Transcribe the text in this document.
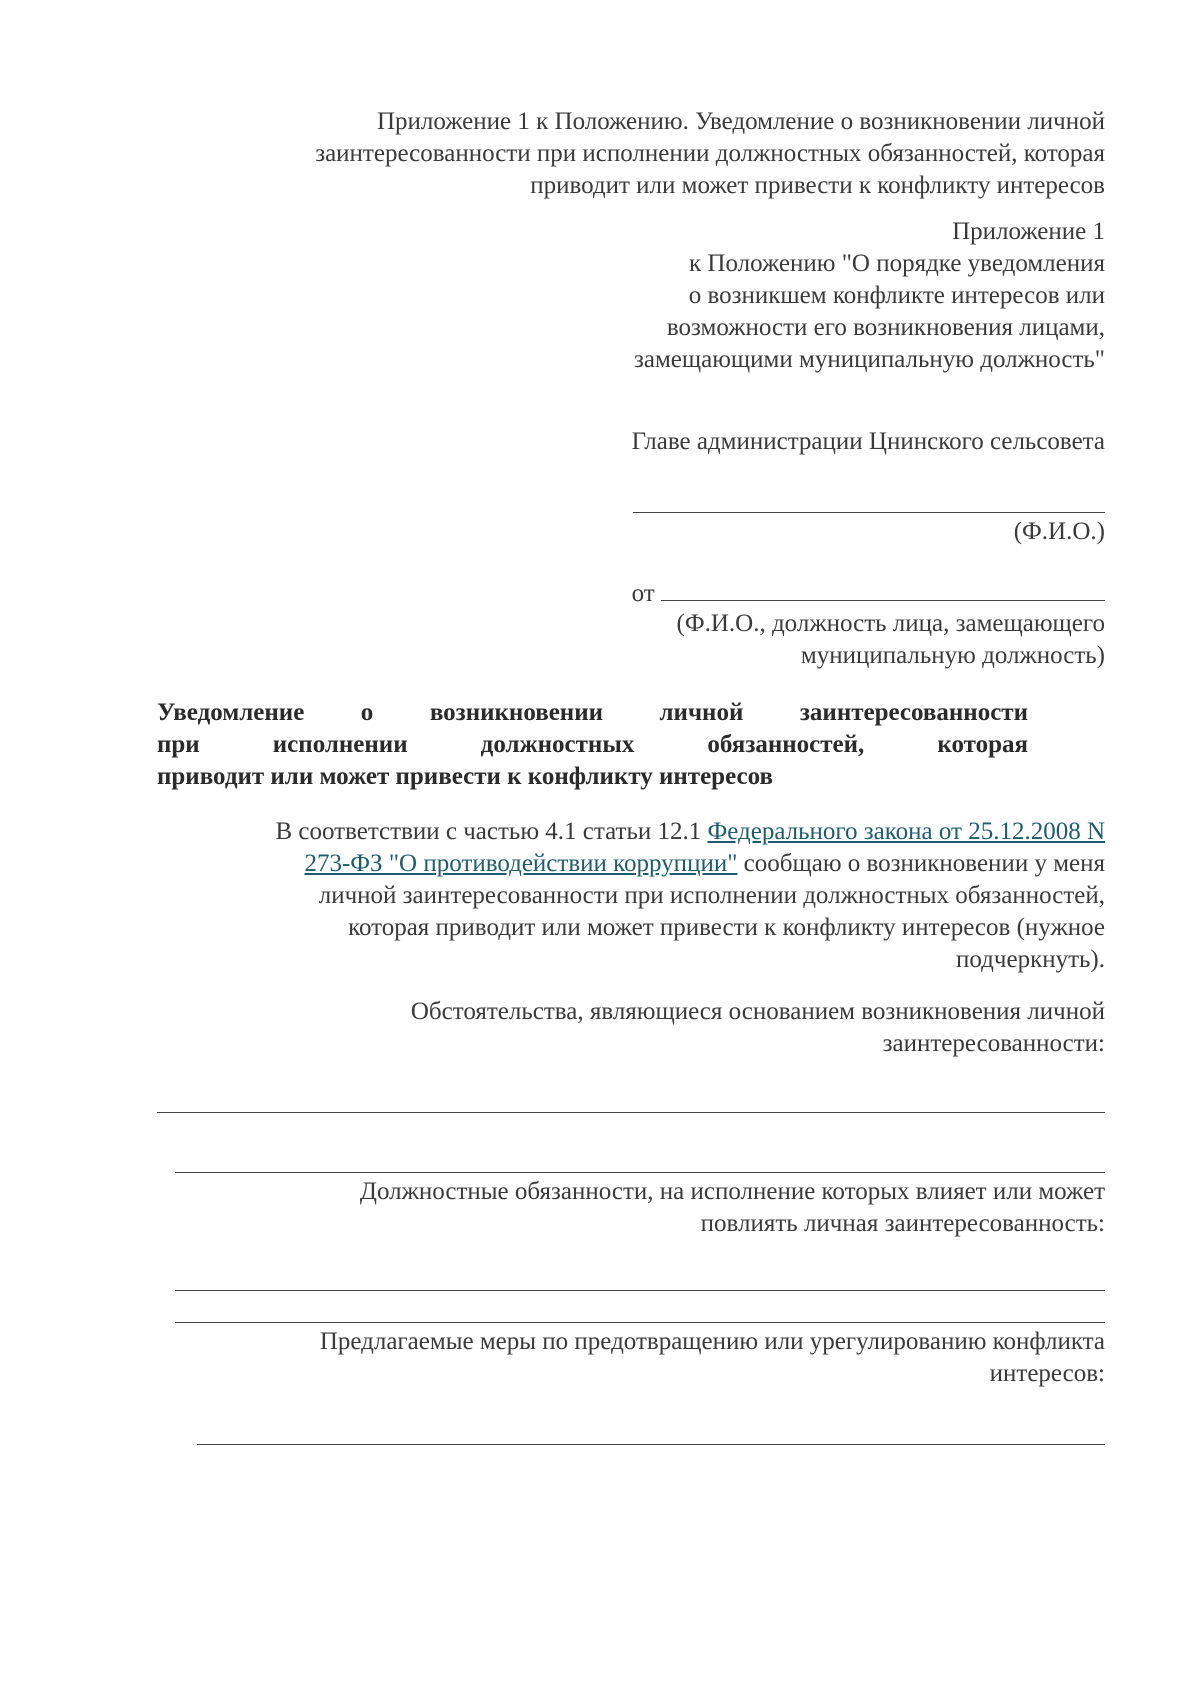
Приложение 1 к Положению. Уведомление о возникновении личной
заинтересованности при исполнении должностных обязанностей, которая
приводит или может привести к конфликту интересов

Приложение 1
к Положению "О порядке уведомления
о возникшем конфликте интересов или
возможности его возникновения лицами,
замещающими муниципальную должность"

Главе администрации Цнинского сельсовета

(Ф.И.О.)

от

(Ф.И.О., должность лица, замещающего
муниципальную должность)

Уведомление о возникновении личной заинтересованности
при исполнении должностных обязанностей, которая
приводит или может привести к конфликту интересов

В соответствии с частью 4.1 статьи 12.1 Федерального закона от 25.12.2008 N
273-ФЗ "О противодействии коррупции" сообщаю о возникновении у меня
личной заинтересованности при исполнении должностных обязанностей,
которая приводит или может привести к конфликту интересов (нужное
подчеркнуть).

Обстоятельства, являющиеся основанием возникновения личной
заинтересованности:

Должностные обязанности, на исполнение которых влияет или может
повлиять личная заинтересованность:

Предлагаемые меры по предотвращению или урегулированию конфликта
интересов:
